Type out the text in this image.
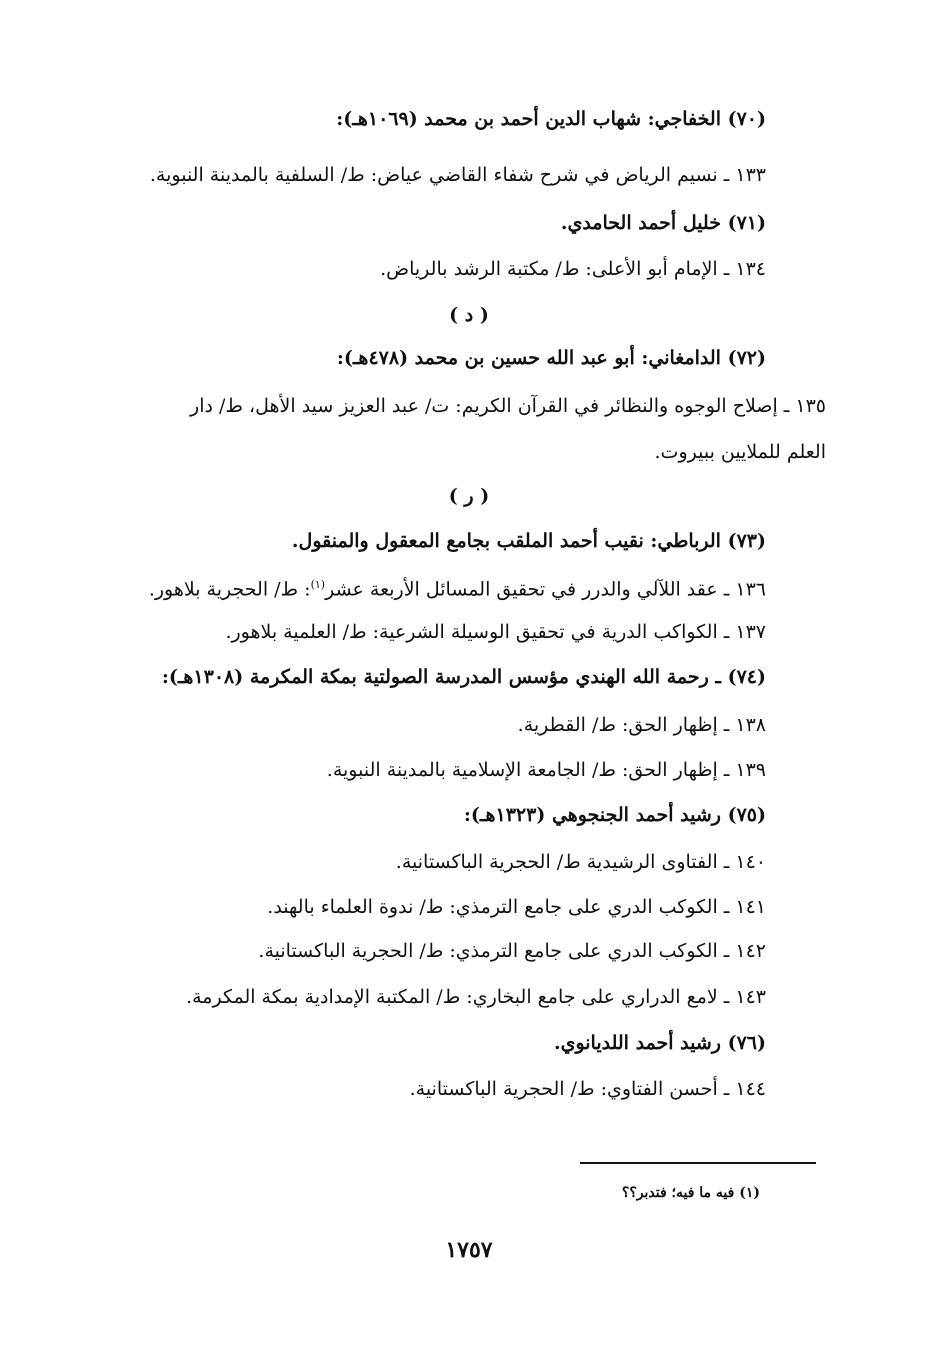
(٧٠) الخفاجي: شهاب الدين أحمد بن محمد (١٠٦٩هـ):
١٣٣ ـ نسيم الرياض في شرح شفاء القاضي عياض: ط/ السلفية بالمدينة النبوية.
(٧١) خليل أحمد الحامدي.
١٣٤ ـ الإمام أبو الأعلى: ط/ مكتبة الرشد بالرياض.
( د )
(٧٢) الدامغاني: أبو عبد الله حسين بن محمد (٤٧٨هـ):
١٣٥ ـ إصلاح الوجوه والنظائر في القرآن الكريم: ت/ عبد العزيز سيد الأهل، ط/ دار
العلم للملايين ببيروت.
( ر )
(٧٣) الرباطي: نقيب أحمد الملقب بجامع المعقول والمنقول.
١٣٦ ـ عقد اللآلي والدرر في تحقيق المسائل الأربعة عشر$^{(١)}$: ط/ الحجرية بلاهور.
١٣٧ ـ الكواكب الدرية في تحقيق الوسيلة الشرعية: ط/ العلمية بلاهور.
(٧٤) ـ رحمة الله الهندي مؤسس المدرسة الصولتية بمكة المكرمة (١٣٠٨هـ):
١٣٨ ـ إظهار الحق: ط/ القطرية.
١٣٩ ـ إظهار الحق: ط/ الجامعة الإسلامية بالمدينة النبوية.
(٧٥) رشيد أحمد الجنجوهي (١٣٢٣هـ):
١٤٠ ـ الفتاوى الرشيدية ط/ الحجرية الباكستانية.
١٤١ ـ الكوكب الدري على جامع الترمذي: ط/ ندوة العلماء بالهند.
١٤٢ ـ الكوكب الدري على جامع الترمذي: ط/ الحجرية الباكستانية.
١٤٣ ـ لامع الدراري على جامع البخاري: ط/ المكتبة الإمدادية بمكة المكرمة.
(٧٦) رشيد أحمد اللديانوي.
١٤٤ ـ أحسن الفتاوي: ط/ الحجرية الباكستانية.
(١) فيه ما فيه؛ فتدبر؟؟
١٧٥٧
